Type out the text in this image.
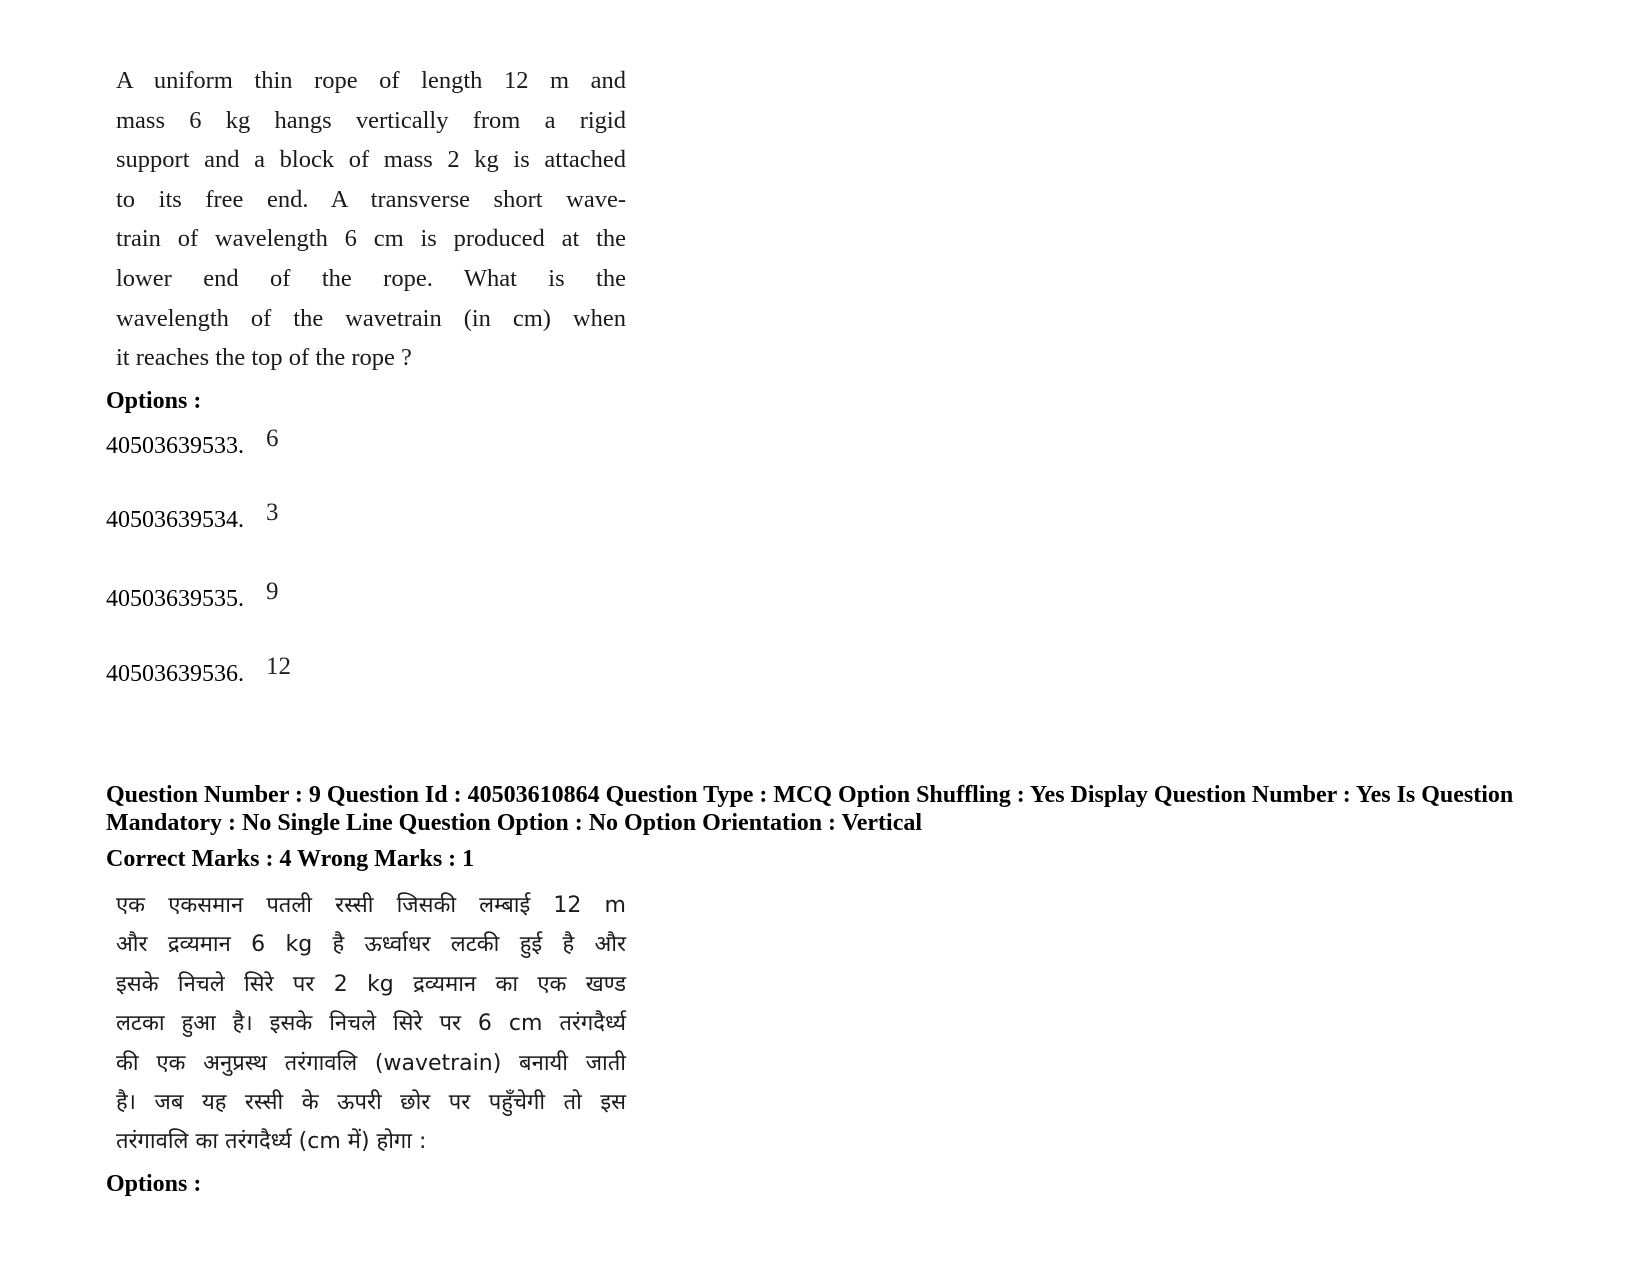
A uniform thin rope of length 12 m and
mass 6 kg hangs vertically from a rigid
support and a block of mass 2 kg is attached
to its free end. A transverse short wave-
train of wavelength 6 cm is produced at the
lower end of the rope. What is the
wavelength of the wavetrain (in cm) when
it reaches the top of the rope ?
Options :
40503639533. 6
40503639534. 3
40503639535. 9
40503639536. 12
Question Number : 9 Question Id : 40503610864 Question Type : MCQ Option Shuffling : Yes Display Question Number : Yes Is Question Mandatory : No Single Line Question Option : No Option Orientation : Vertical
Correct Marks : 4 Wrong Marks : 1
एक एकसमान पतली रस्सी जिसकी लम्बाई 12 m
और द्रव्यमान 6 kg है ऊर्ध्वाधर लटकी हुई है और
इसके निचले सिरे पर 2 kg द्रव्यमान का एक खण्ड
लटका हुआ है। इसके निचले सिरे पर 6 cm तरंगदैर्ध्य
की एक अनुप्रस्थ तरंगावलि (wavetrain) बनायी जाती
है। जब यह रस्सी के ऊपरी छोर पर पहुँचेगी तो इस
तरंगावलि का तरंगदैर्ध्य (cm में) होगा :
Options :
